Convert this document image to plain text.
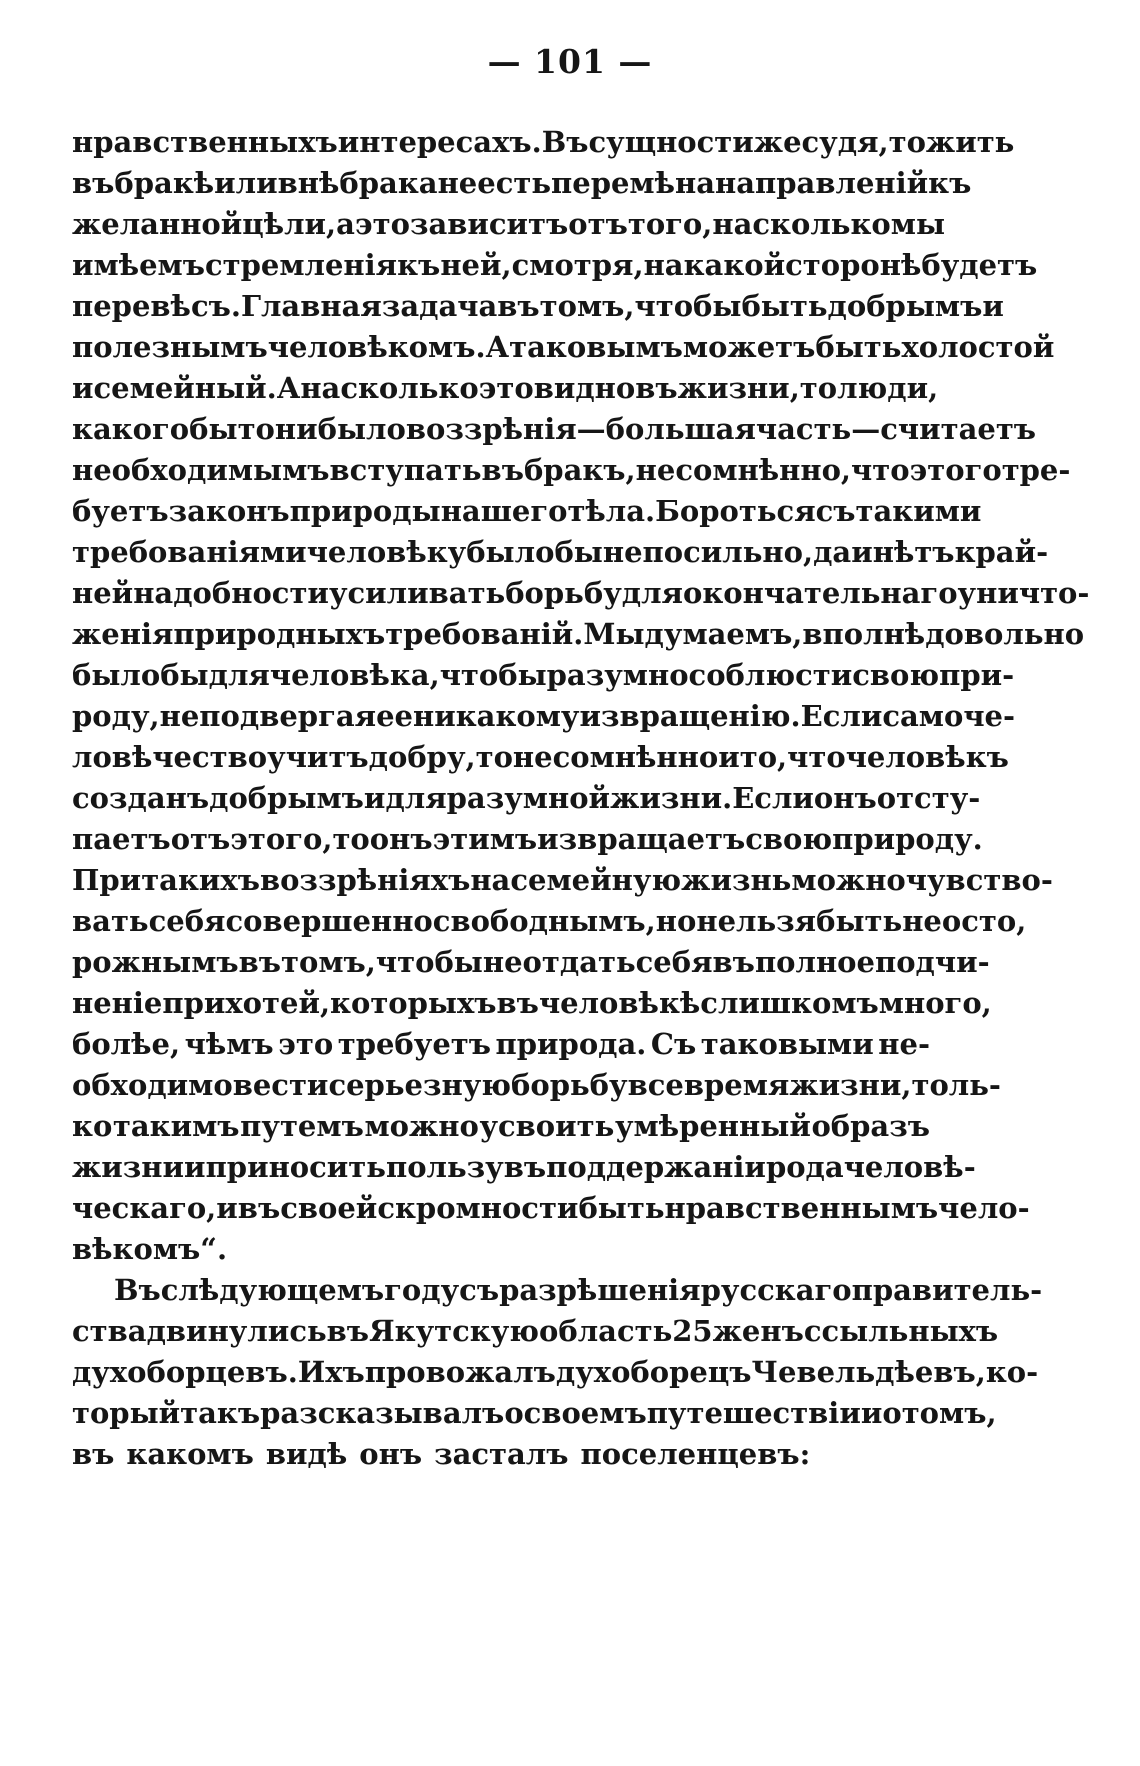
— 101 —
нравственныхъ интересахъ. Въ сущности же судя, то жить
въ бракѣ или внѣ брака не есть перемѣна направленій къ
желанной цѣли, а это зависитъ отъ того, насколько мы
имѣемъ стремленія къ ней, смотря, на какой сторонѣ будетъ
перевѣсъ. Главная задача въ томъ, чтобы быть добрымъ и
полезнымъ человѣкомъ. А таковымъ можетъ быть холостой
и семейный. А насколько это видно въ жизни, то люди,
какого бы то ни было воззрѣнія—большая часть—считаетъ
необходимымъ вступать въ бракъ, несомнѣнно, что этого тре-
буетъ законъ природы нашего тѣла. Бороться съ такими
требованіями человѣку было бы непосильно, да и нѣтъ край-
ней надобности усиливать борьбу для окончательнаго уничто-
женія природныхъ требованій. Мы думаемъ, вполнѣ довольно
было бы для человѣка, чтобы разумно соблюсти свою при-
роду, не подвергая ее никакому извращенію. Если само че-
ловѣчество учитъ добру, то несомнѣнно и то, что человѣкъ
созданъ добрымъ и для разумной жизни. Если онъ отсту-
паетъ отъ этого, то онъ этимъ извращаетъ свою природу.
При такихъ воззрѣніяхъ на семейную жизнь можно чувство-
вать себя совершенно свободнымъ, но нельзя быть не осто,
рожнымъ въ томъ, чтобы не отдать себя въ полное подчи-
неніе прихотей, которыхъ въ человѣкѣ слишкомъ много,
болѣе, чѣмъ это требуетъ природа. Съ таковыми не-
обходимо вести серьезную борьбу все время жизни, толь-
ко такимъ путемъ можно усвоить умѣренный образъ
жизни и приносить пользу въ поддержаніи рода человѣ-
ческаго, и въ своей скромности быть нравственнымъ чело-
вѣкомъ“.
Въ слѣдующемъ году съ разрѣшенія русскаго правитель-
ства двинулись въ Якутскую область 25 женъ ссыльныхъ
духоборцевъ. Ихъ провожалъ духоборецъ Чевельдѣевъ, ко-
торый такъ разсказывалъ о своемъ путешествіи и о томъ,
въ какомъ видѣ онъ засталъ поселенцевъ:
